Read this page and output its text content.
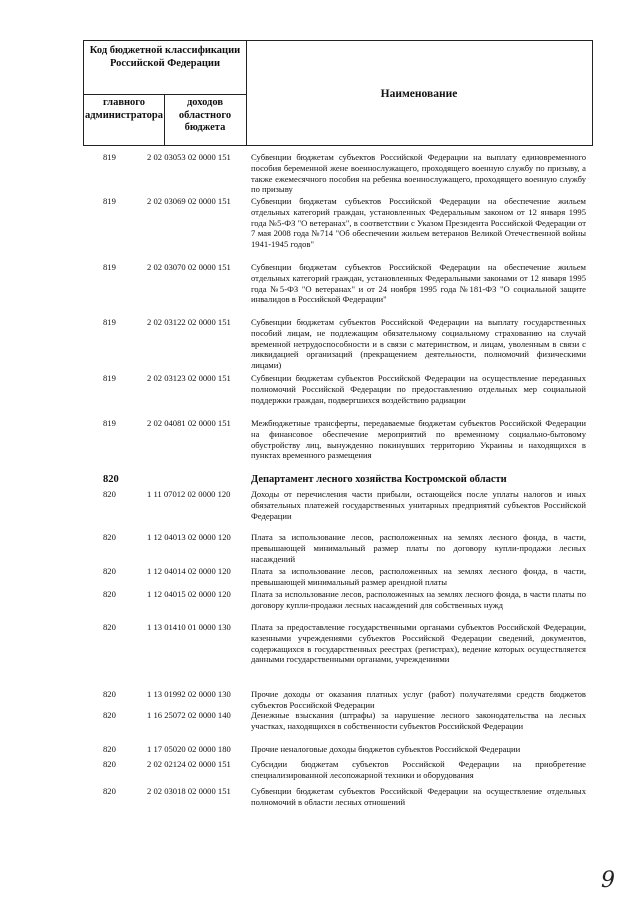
Код бюджетной классификации Российской Федерации
главного администратора
доходов областного бюджета
Наименование
819	2 02 03053 02 0000 151	Субвенции бюджетам субъектов Российской Федерации на выплату единовременного пособия беременной жене военнослужащего, проходящего военную службу по призыву, а также ежемесячного пособия на ребенка военнослужащего, проходящего военную службу по призыву
819	2 02 03069 02 0000 151	Субвенции бюджетам субъектов Российской Федерации на обеспечение жильем отдельных категорий граждан, установленных Федеральным законом от 12 января 1995 года №5-ФЗ "О ветеранах", в соответствии с Указом Президента Российской Федерации от 7 мая 2008 года №714 "Об обеспечении жильем ветеранов Великой Отечественной войны 1941-1945 годов"
819	2 02 03070 02 0000 151	Субвенции бюджетам субъектов Российской Федерации на обеспечение жильем отдельных категорий граждан, установленных Федеральными законами от 12 января 1995 года №5-ФЗ "О ветеранах" и от 24 ноября 1995 года №181-ФЗ "О социальной защите инвалидов в Российской Федерации"
819	2 02 03122 02 0000 151	Субвенции бюджетам субъектов Российской Федерации на выплату государственных пособий лицам, не подлежащим обязательному социальному страхованию на случай временной нетрудоспособности и в связи с материнством, и лицам, уволенным в связи с ликвидацией организаций (прекращением деятельности, полномочий физическими лицами)
819	2 02 03123 02 0000 151	Субвенции бюджетам субъектов Российской Федерации на осуществление переданных полномочий Российской Федерации по предоставлению отдельных мер социальной поддержки граждан, подвергшихся воздействию радиации
819	2 02 04081 02 0000 151	Межбюджетные трансферты, передаваемые бюджетам субъектов Российской Федерации на финансовое обеспечение мероприятий по временному социально-бытовому обустройству лиц, вынужденно покинувших территорию Украины и находящихся в пунктах временного размещения
820	Департамент лесного хозяйства Костромской области
820	1 11 07012 02 0000 120	Доходы от перечисления части прибыли, остающейся после уплаты налогов и иных обязательных платежей государственных унитарных предприятий субъектов Российской Федерации
820	1 12 04013 02 0000 120	Плата за использование лесов, расположенных на землях лесного фонда, в части, превышающей минимальный размер платы по договору купли-продажи лесных насаждений
820	1 12 04014 02 0000 120	Плата за использование лесов, расположенных на землях лесного фонда, в части, превышающей минимальный размер арендной платы
820	1 12 04015 02 0000 120	Плата за использование лесов, расположенных на землях лесного фонда, в части платы по договору купли-продажи лесных насаждений для собственных нужд
820	1 13 01410 01 0000 130	Плата за предоставление государственными органами субъектов Российской Федерации, казенными учреждениями субъектов Российской Федерации сведений, документов, содержащихся в государственных реестрах (регистрах), ведение которых осуществляется данными государственными органами, учреждениями
820	1 13 01992 02 0000 130	Прочие доходы от оказания платных услуг (работ) получателями средств бюджетов субъектов Российской Федерации
820	1 16 25072 02 0000 140	Денежные взыскания (штрафы) за нарушение лесного законодательства на лесных участках, находящихся в собственности субъектов Российской Федерации
820	1 17 05020 02 0000 180	Прочие неналоговые доходы бюджетов субъектов Российской Федерации
820	2 02 02124 02 0000 151	Субсидии бюджетам субъектов Российской Федерации на приобретение специализированной лесопожарной техники и оборудования
820	2 02 03018 02 0000 151	Субвенции бюджетам субъектов Российской Федерации на осуществление отдельных полномочий в области лесных отношений
9
